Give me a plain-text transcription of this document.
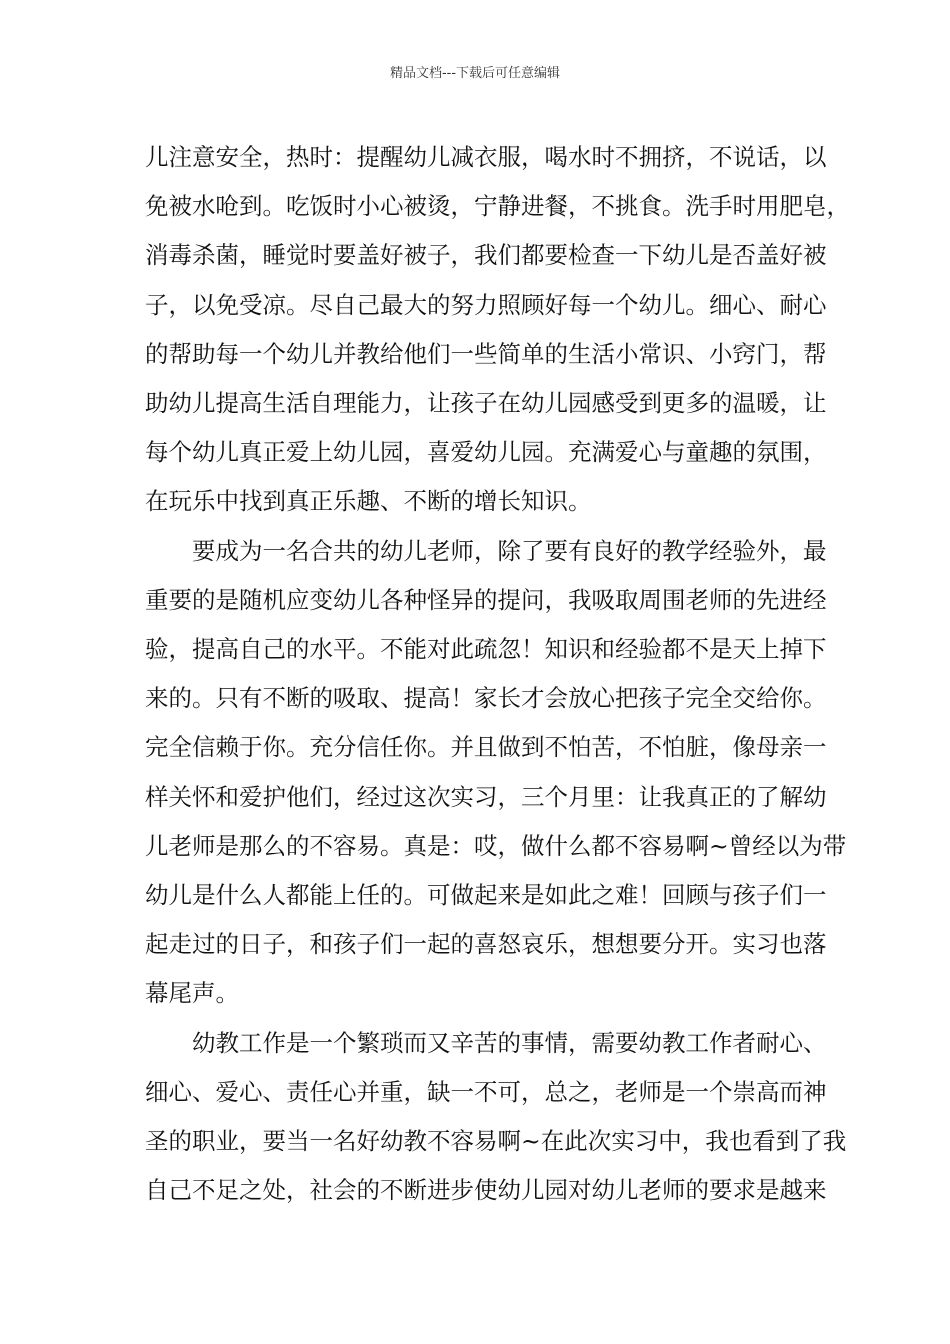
精品文档---下载后可任意编辑
儿注意安全，热时：提醒幼儿减衣服，喝水时不拥挤，不说话，以
免被水呛到。吃饭时小心被烫，宁静进餐，不挑食。洗手时用肥皂，
消毒杀菌，睡觉时要盖好被子，我们都要检查一下幼儿是否盖好被
子，以免受凉。尽自己最大的努力照顾好每一个幼儿。细心、耐心
的帮助每一个幼儿并教给他们一些简单的生活小常识、小窍门，帮
助幼儿提高生活自理能力，让孩子在幼儿园感受到更多的温暖，让
每个幼儿真正爱上幼儿园，喜爱幼儿园。充满爱心与童趣的氛围，
在玩乐中找到真正乐趣、不断的增长知识。
要成为一名合共的幼儿老师，除了要有良好的教学经验外，最
重要的是随机应变幼儿各种怪异的提问，我吸取周围老师的先进经
验，提高自己的水平。不能对此疏忽！知识和经验都不是天上掉下
来的。只有不断的吸取、提高！家长才会放心把孩子完全交给你。
完全信赖于你。充分信任你。并且做到不怕苦，不怕脏，像母亲一
样关怀和爱护他们，经过这次实习，三个月里：让我真正的了解幼
儿老师是那么的不容易。真是：哎，做什么都不容易啊~曾经以为带
幼儿是什么人都能上任的。可做起来是如此之难！回顾与孩子们一
起走过的日子，和孩子们一起的喜怒哀乐，想想要分开。实习也落
幕尾声。
幼教工作是一个繁琐而又辛苦的事情，需要幼教工作者耐心、
细心、爱心、责任心并重，缺一不可，总之，老师是一个崇高而神
圣的职业，要当一名好幼教不容易啊~在此次实习中，我也看到了我
自己不足之处，社会的不断进步使幼儿园对幼儿老师的要求是越来
